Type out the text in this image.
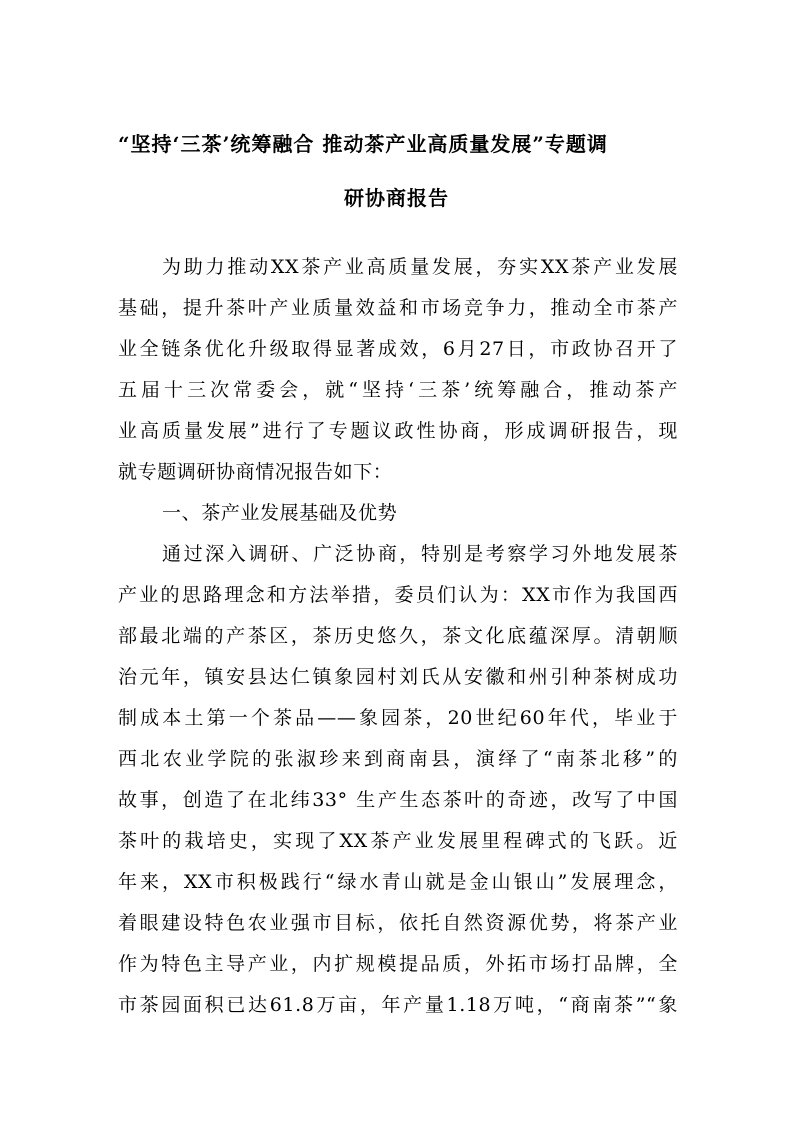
“坚持‘三茶’统筹融合 推动茶产业高质量发展”专题调
研协商报告
为助力推动XX茶产业高质量发展，夯实XX茶产业发展
基础，提升茶叶产业质量效益和市场竞争力，推动全市茶产
业全链条优化升级取得显著成效，6月27日，市政协召开了
五届十三次常委会，就“坚持‘三茶’统筹融合，推动茶产
业高质量发展”进行了专题议政性协商，形成调研报告，现
就专题调研协商情况报告如下：
一、茶产业发展基础及优势
通过深入调研、广泛协商，特别是考察学习外地发展茶
产业的思路理念和方法举措，委员们认为：XX市作为我国西
部最北端的产茶区，茶历史悠久，茶文化底蕴深厚。清朝顺
治元年，镇安县达仁镇象园村刘氏从安徽和州引种茶树成功
制成本土第一个茶品——象园茶，20世纪60年代，毕业于
西北农业学院的张淑珍来到商南县，演绎了“南茶北移”的
故事，创造了在北纬33° 生产生态茶叶的奇迹，改写了中国
茶叶的栽培史，实现了XX茶产业发展里程碑式的飞跃。近
年来，XX市积极践行“绿水青山就是金山银山”发展理念，
着眼建设特色农业强市目标，依托自然资源优势，将茶产业
作为特色主导产业，内扩规模提品质，外拓市场打品牌，全
市茶园面积已达61.8万亩，年产量1.18万吨，“商南茶”“象
